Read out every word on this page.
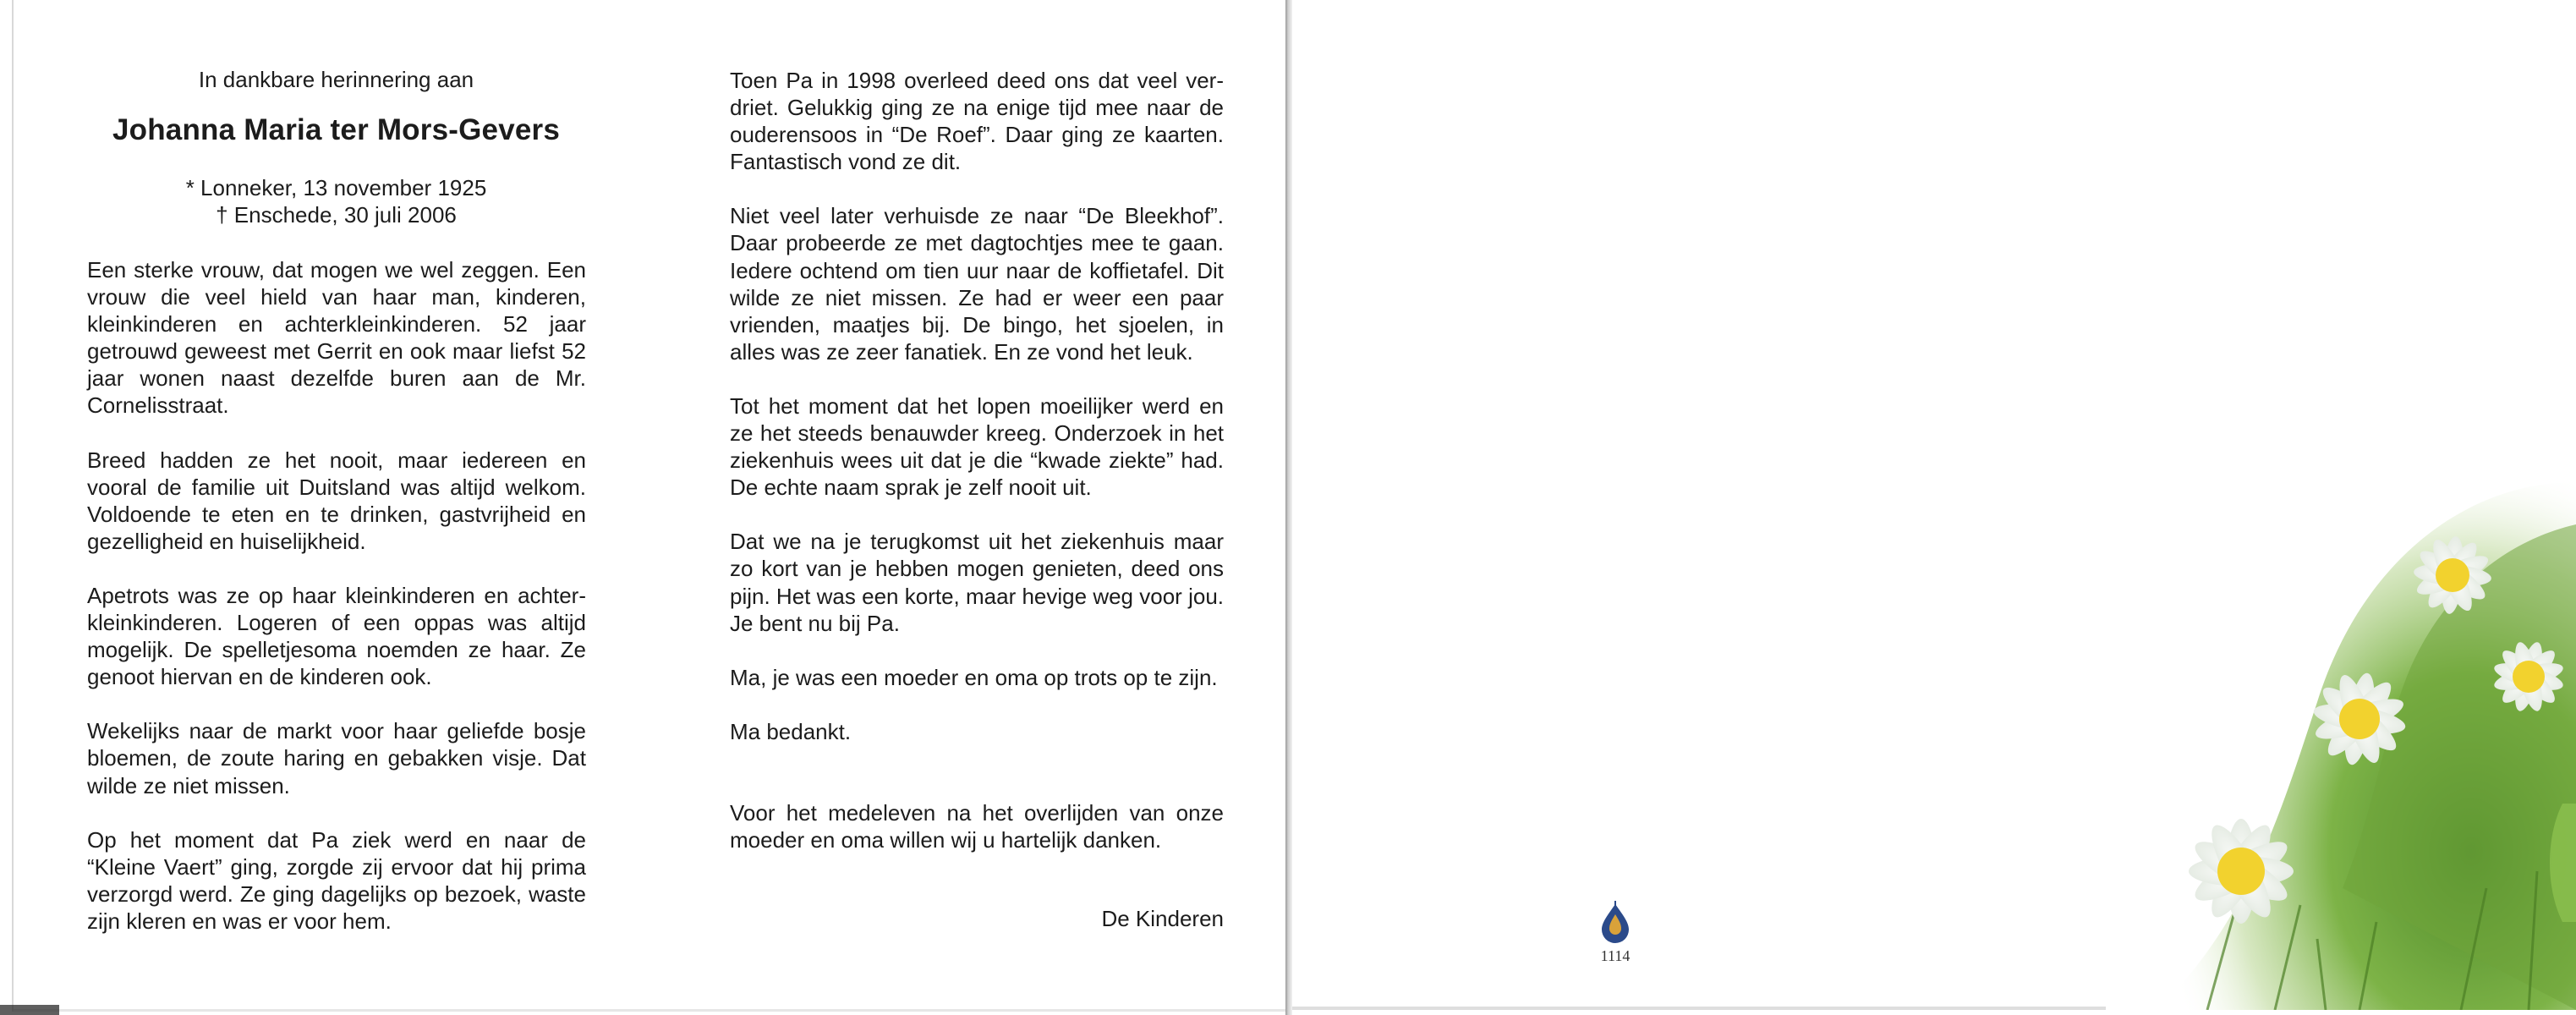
In dankbare herinnering aan
Johanna Maria ter Mors-Gevers
* Lonneker, 13 november 1925
† Enschede, 30 juli 2006

Een sterke vrouw, dat mogen we wel zeggen. Een vrouw die veel hield van haar man, kinderen, kleinkinderen en achterkleinkinderen. 52 jaar getrouwd geweest met Gerrit en ook maar liefst 52 jaar wonen naast dezelfde buren aan de Mr. Cornelisstraat.

Breed hadden ze het nooit, maar iedereen en vooral de familie uit Duitsland was altijd welkom. Voldoende te eten en te drinken, gastvrijheid en gezelligheid en huiselijkheid.

Apetrots was ze op haar kleinkinderen en achter-kleinkinderen. Logeren of een oppas was altijd mogelijk. De spelletjesoma noemden ze haar. Ze genoot hiervan en de kinderen ook.

Wekelijks naar de markt voor haar geliefde bosje bloemen, de zoute haring en gebakken visje. Dat wilde ze niet missen.

Op het moment dat Pa ziek werd en naar de “Kleine Vaert” ging, zorgde zij ervoor dat hij prima verzorgd werd. Ze ging dagelijks op bezoek, waste zijn kleren en was er voor hem.

Toen Pa in 1998 overleed deed ons dat veel ver-driet. Gelukkig ging ze na enige tijd mee naar de ouderensoos in “De Roef”. Daar ging ze kaarten. Fantastisch vond ze dit.

Niet veel later verhuisde ze naar “De Bleekhof”. Daar probeerde ze met dagtochtjes mee te gaan. Iedere ochtend om tien uur naar de koffietafel. Dit wilde ze niet missen. Ze had er weer een paar vrienden, maatjes bij. De bingo, het sjoelen, in alles was ze zeer fanatiek. En ze vond het leuk.

Tot het moment dat het lopen moeilijker werd en ze het steeds benauwder kreeg. Onderzoek in het ziekenhuis wees uit dat je die “kwade ziekte” had. De echte naam sprak je zelf nooit uit.

Dat we na je terugkomst uit het ziekenhuis maar zo kort van je hebben mogen genieten, deed ons pijn. Het was een korte, maar hevige weg voor jou. Je bent nu bij Pa.

Ma, je was een moeder en oma op trots op te zijn.

Ma bedankt.

Voor het medeleven na het overlijden van onze moeder en oma willen wij u hartelijk danken.

De Kinderen
1114
